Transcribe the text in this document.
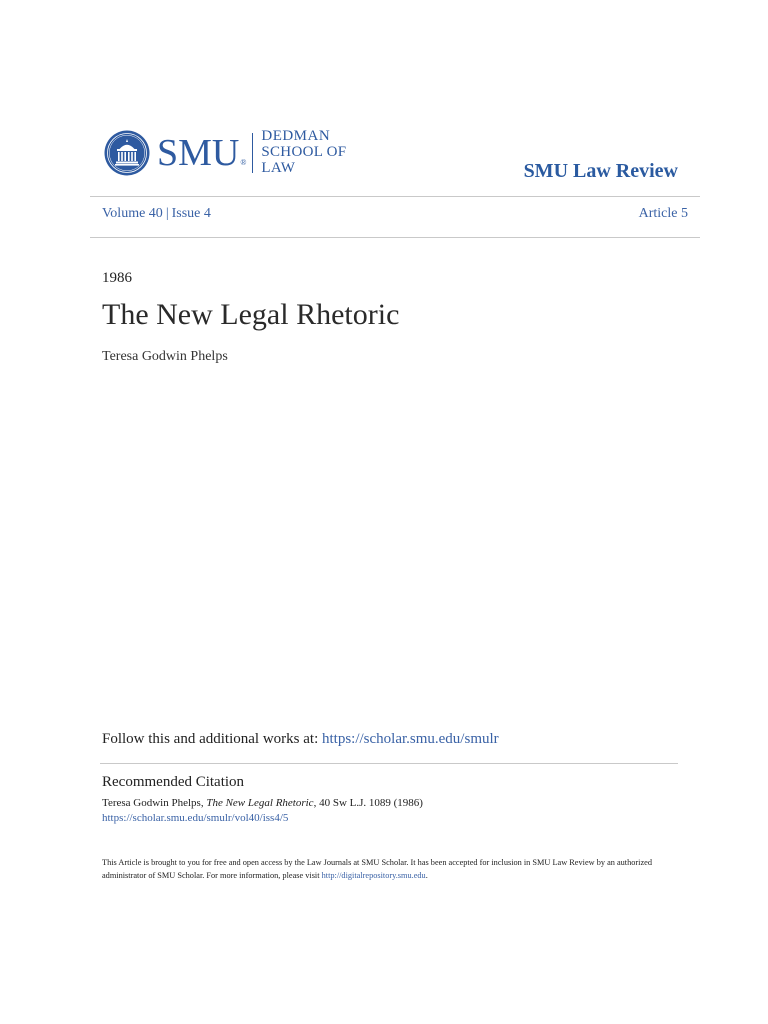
SMU®
DEDMAN
SCHOOL OF LAW	SMU Law Review
Volume 40 | Issue 4	Article 5
1986
The New Legal Rhetoric
Teresa Godwin Phelps
Follow this and additional works at: https://scholar.smu.edu/smulr
Recommended Citation
Teresa Godwin Phelps, The New Legal Rhetoric, 40 Sw L.J. 1089 (1986)
https://scholar.smu.edu/smulr/vol40/iss4/5
This Article is brought to you for free and open access by the Law Journals at SMU Scholar. It has been accepted for inclusion in SMU Law Review by an authorized administrator of SMU Scholar. For more information, please visit http://digitalrepository.smu.edu.
